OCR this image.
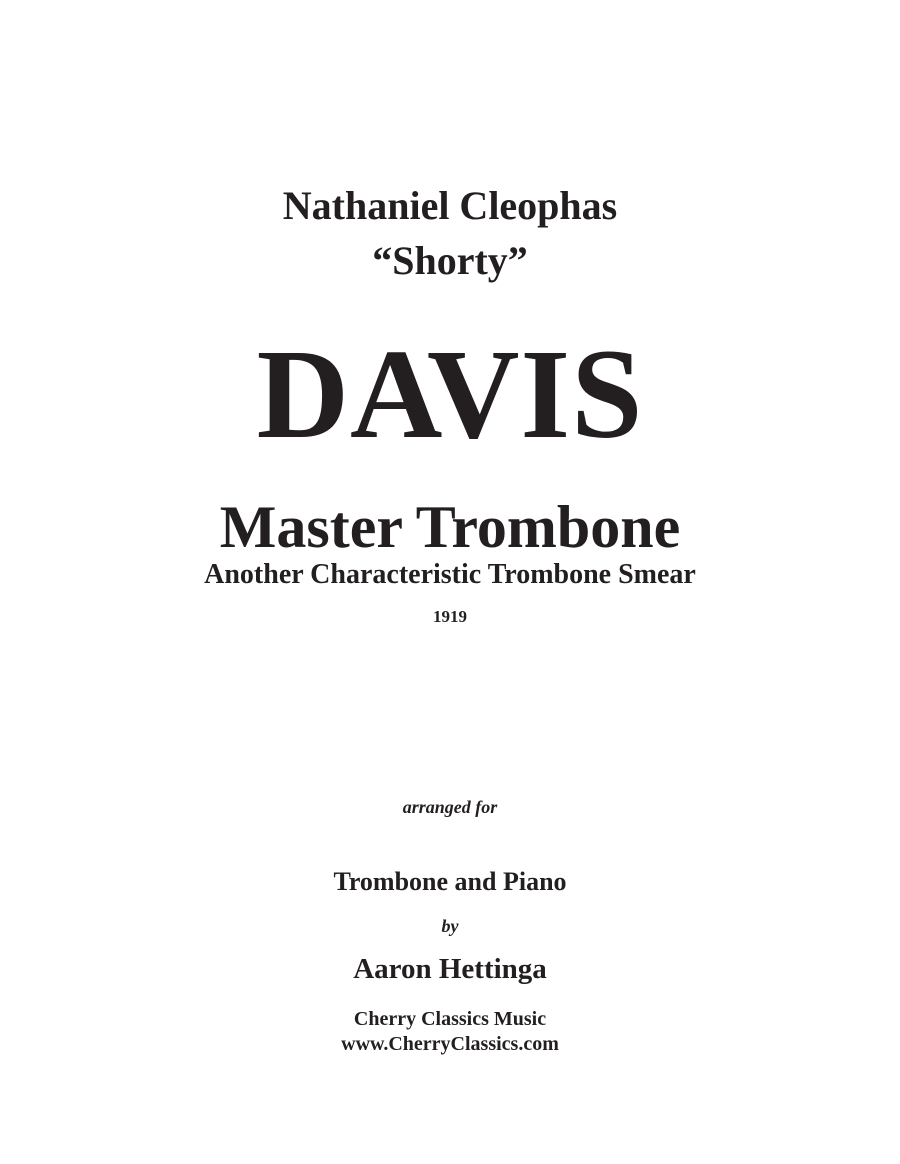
Nathaniel Cleophas
“Shorty”
DAVIS
Master Trombone
Another Characteristic Trombone Smear
1919
arranged for
Trombone and Piano
by
Aaron Hettinga
Cherry Classics Music
www.CherryClassics.com
